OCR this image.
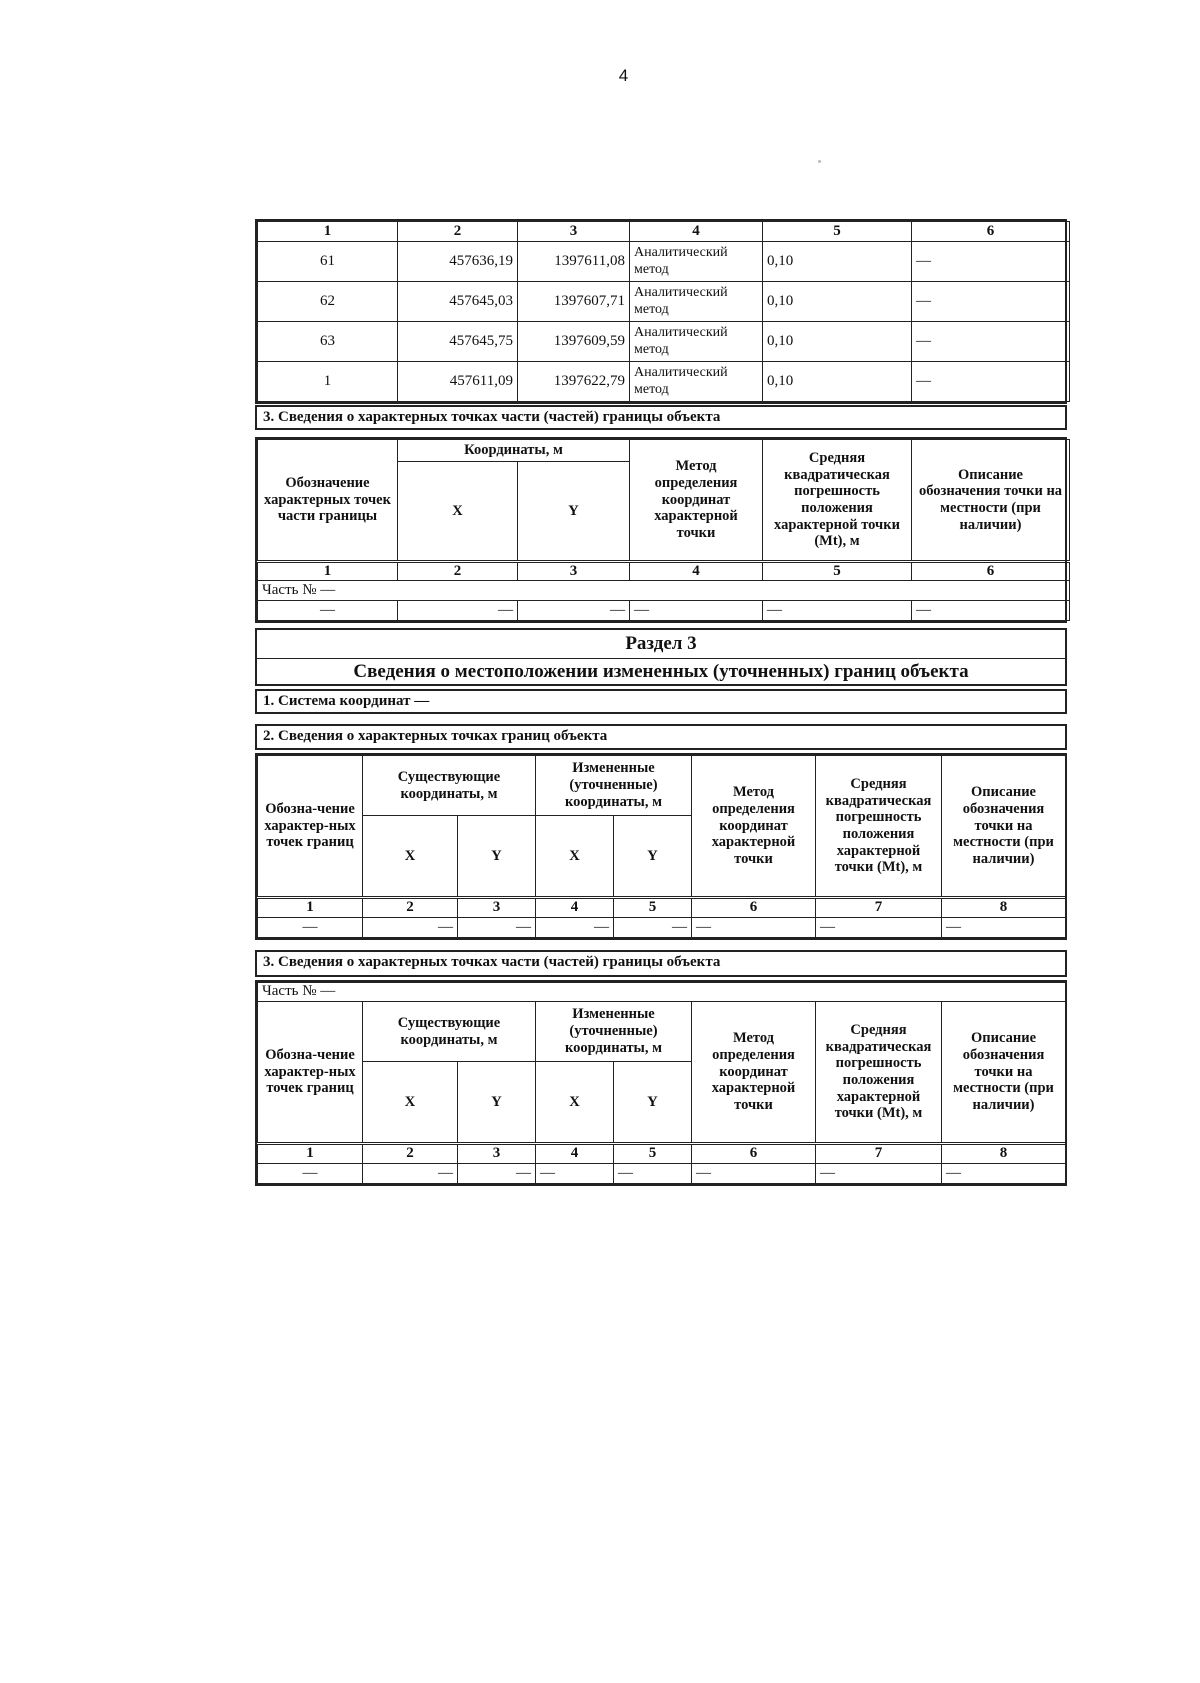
4
1	2	3	4	5	6
61	457636,19	1397611,08	Аналитический метод	0,10	—
62	457645,03	1397607,71	Аналитический метод	0,10	—
63	457645,75	1397609,59	Аналитический метод	0,10	—
1	457611,09	1397622,79	Аналитический метод	0,10	—
3. Сведения о характерных точках части (частей) границы объекта
Обозначение характерных точек части границы	Координаты, м		Метод определения координат характерной точки	Средняя квадратическая погрешность положения характерной точки (Mt), м	Описание обозначения точки на местности (при наличии)
	X	Y			
1	2	3	4	5	6
Часть № —					
—	—	—	—	—	—
Раздел 3
Сведения о местоположении измененных (уточненных) границ объекта
1. Система координат —
2. Сведения о характерных точках границ объекта
Обозна-чение характер-ных точек границ	Существующие координаты, м		Измененные (уточненные) координаты, м		Метод определения координат характерной точки	Средняя квадратическая погрешность положения характерной точки (Mt), м	Описание обозначения точки на местности (при наличии)
	X	Y	X	Y			
1	2	3	4	5	6	7	8
—	—	—	—	—	—	—	—
3. Сведения о характерных точках части (частей) границы объекта
Часть № —							
Обозна-чение характер-ных точек границ	Существующие координаты, м		Измененные (уточненные) координаты, м		Метод определения координат характерной точки	Средняя квадратическая погрешность положения характерной точки (Mt), м	Описание обозначения точки на местности (при наличии)
	X	Y	X	Y			
1	2	3	4	5	6	7	8
—	—	—	—	—	—	—	—
